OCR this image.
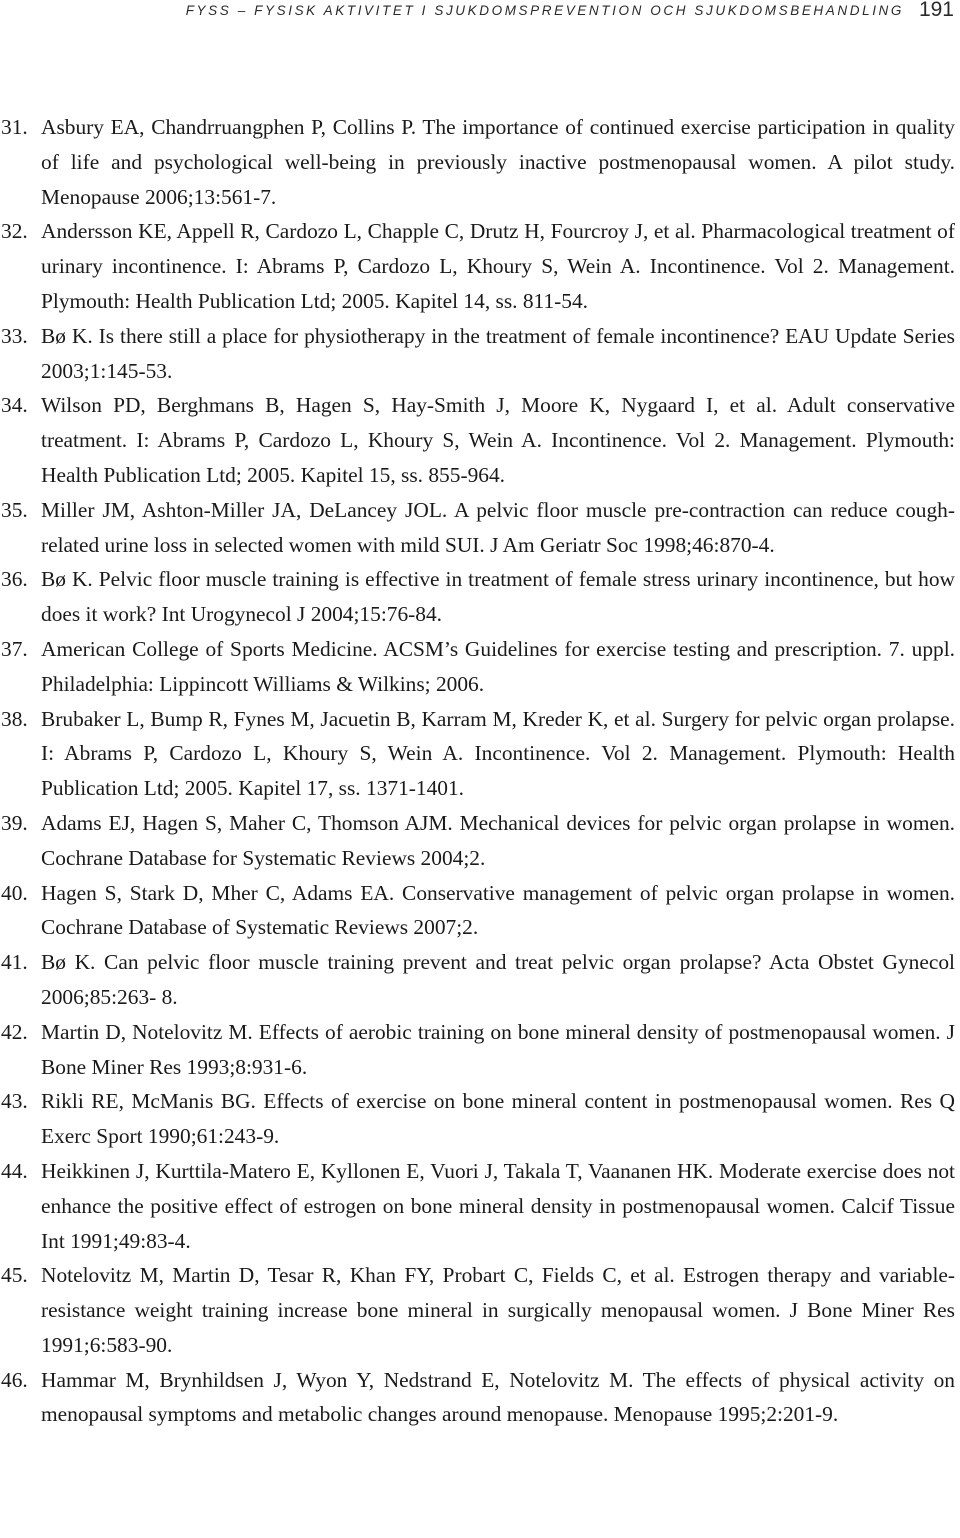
FYSS – FYSISK AKTIVITET I SJUKDOMSPREVENTION OCH SJUKDOMSBEHANDLING 191
31. Asbury EA, Chandrruangphen P, Collins P. The importance of continued exercise participation in quality of life and psychological well-being in previously inactive postmenopausal women. A pilot study. Menopause 2006;13:561-7.
32. Andersson KE, Appell R, Cardozo L, Chapple C, Drutz H, Fourcroy J, et al. Pharmacological treatment of urinary incontinence. I: Abrams P, Cardozo L, Khoury S, Wein A. Incontinence. Vol 2. Management. Plymouth: Health Publication Ltd; 2005. Kapitel 14, ss. 811-54.
33. Bø K. Is there still a place for physiotherapy in the treatment of female incontinence? EAU Update Series 2003;1:145-53.
34. Wilson PD, Berghmans B, Hagen S, Hay-Smith J, Moore K, Nygaard I, et al. Adult conservative treatment. I: Abrams P, Cardozo L, Khoury S, Wein A. Incontinence. Vol 2. Management. Plymouth: Health Publication Ltd; 2005. Kapitel 15, ss. 855-964.
35. Miller JM, Ashton-Miller JA, DeLancey JOL. A pelvic floor muscle pre-contraction can reduce cough-related urine loss in selected women with mild SUI. J Am Geriatr Soc 1998;46:870-4.
36. Bø K. Pelvic floor muscle training is effective in treatment of female stress urinary incontinence, but how does it work? Int Urogynecol J 2004;15:76-84.
37. American College of Sports Medicine. ACSM’s Guidelines for exercise testing and prescription. 7. uppl. Philadelphia: Lippincott Williams & Wilkins; 2006.
38. Brubaker L, Bump R, Fynes M, Jacuetin B, Karram M, Kreder K, et al. Surgery for pelvic organ prolapse. I: Abrams P, Cardozo L, Khoury S, Wein A. Incontinence. Vol 2. Management. Plymouth: Health Publication Ltd; 2005. Kapitel 17, ss. 1371-1401.
39. Adams EJ, Hagen S, Maher C, Thomson AJM. Mechanical devices for pelvic organ prolapse in women. Cochrane Database for Systematic Reviews 2004;2.
40. Hagen S, Stark D, Mher C, Adams EA. Conservative management of pelvic organ prolapse in women. Cochrane Database of Systematic Reviews 2007;2.
41. Bø K. Can pelvic floor muscle training prevent and treat pelvic organ prolapse? Acta Obstet Gynecol 2006;85:263- 8.
42. Martin D, Notelovitz M. Effects of aerobic training on bone mineral density of postmenopausal women. J Bone Miner Res 1993;8:931-6.
43. Rikli RE, McManis BG. Effects of exercise on bone mineral content in postmenopausal women. Res Q Exerc Sport 1990;61:243-9.
44. Heikkinen J, Kurttila-Matero E, Kyllonen E, Vuori J, Takala T, Vaananen HK. Moderate exercise does not enhance the positive effect of estrogen on bone mineral density in postmenopausal women. Calcif Tissue Int 1991;49:83-4.
45. Notelovitz M, Martin D, Tesar R, Khan FY, Probart C, Fields C, et al. Estrogen therapy and variable-resistance weight training increase bone mineral in surgically menopausal women. J Bone Miner Res 1991;6:583-90.
46. Hammar M, Brynhildsen J, Wyon Y, Nedstrand E, Notelovitz M. The effects of physical activity on menopausal symptoms and metabolic changes around menopause. Menopause 1995;2:201-9.
